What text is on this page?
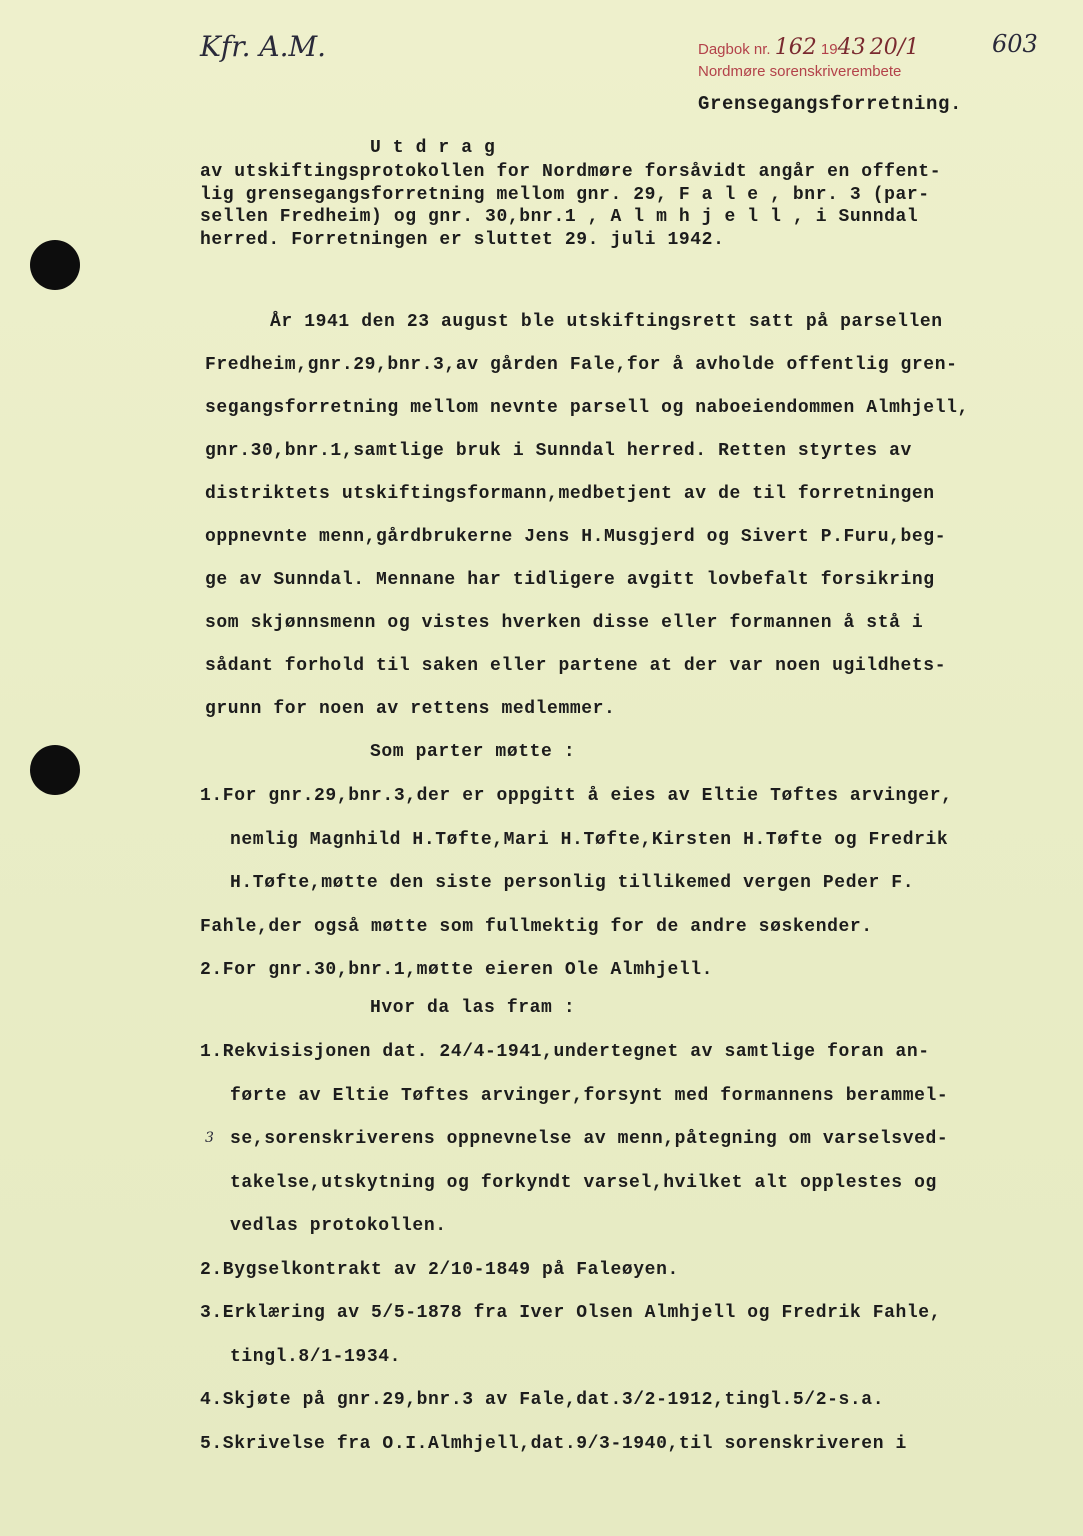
Kfr. A.M.	603
Dagbok nr. 162 1943 20/1
Nordmøre sorenskriverembete
Grensegangsforretning.
U t d r a g
av utskiftingsprotokollen for Nordmøre forsåvidt angår en offent-
lig grensegangsforretning mellom gnr. 29, F a l e , bnr. 3 (par-
sellen Fredheim) og gnr. 30,bnr.1 , A l m h j e l l , i Sunndal
herred. Forretningen er sluttet 29. juli 1942.
År 1941 den 23 august ble utskiftingsrett satt på parsellen
Fredheim,gnr.29,bnr.3,av gården Fale,for å avholde offentlig gren-
segangsforretning mellom nevnte parsell og naboeiendommen Almhjell,
gnr.30,bnr.1,samtlige bruk i Sunndal herred. Retten styrtes av
distriktets utskiftingsformann,medbetjent av de til forretningen
oppnevnte menn,gårdbrukerne Jens H.Musgjerd og Sivert P.Furu,beg-
ge av Sunndal. Mennane har tidligere avgitt lovbefalt forsikring
som skjønnsmenn og vistes hverken disse eller formannen å stå i
sådant forhold til saken eller partene at der var noen ugildhets-
grunn for noen av rettens medlemmer.
Som parter møtte :
1.For gnr.29,bnr.3,der er oppgitt å eies av Eltie Tøftes arvinger,
nemlig Magnhild H.Tøfte,Mari H.Tøfte,Kirsten H.Tøfte og Fredrik
H.Tøfte,møtte den siste personlig tillikemed vergen Peder F.
Fahle,der også møtte som fullmektig for de andre søskender.
2.For gnr.30,bnr.1,møtte eieren Ole Almhjell.
Hvor da las fram :
1.Rekvisisjonen dat. 24/4-1941,undertegnet av samtlige foran an-
førte av Eltie Tøftes arvinger,forsynt med formannens berammel-
se,sorenskriverens oppnevnelse av menn,påtegning om varselsved-
takelse,utskytning og forkyndt varsel,hvilket alt opplestes og
vedlas protokollen.
2.Bygselkontrakt av 2/10-1849 på Faleøyen.
3.Erklæring av 5/5-1878 fra Iver Olsen Almhjell og Fredrik Fahle,
tingl.8/1-1934.
4.Skjøte på gnr.29,bnr.3 av Fale,dat.3/2-1912,tingl.5/2-s.a.
5.Skrivelse fra O.I.Almhjell,dat.9/3-1940,til sorenskriveren i
3
